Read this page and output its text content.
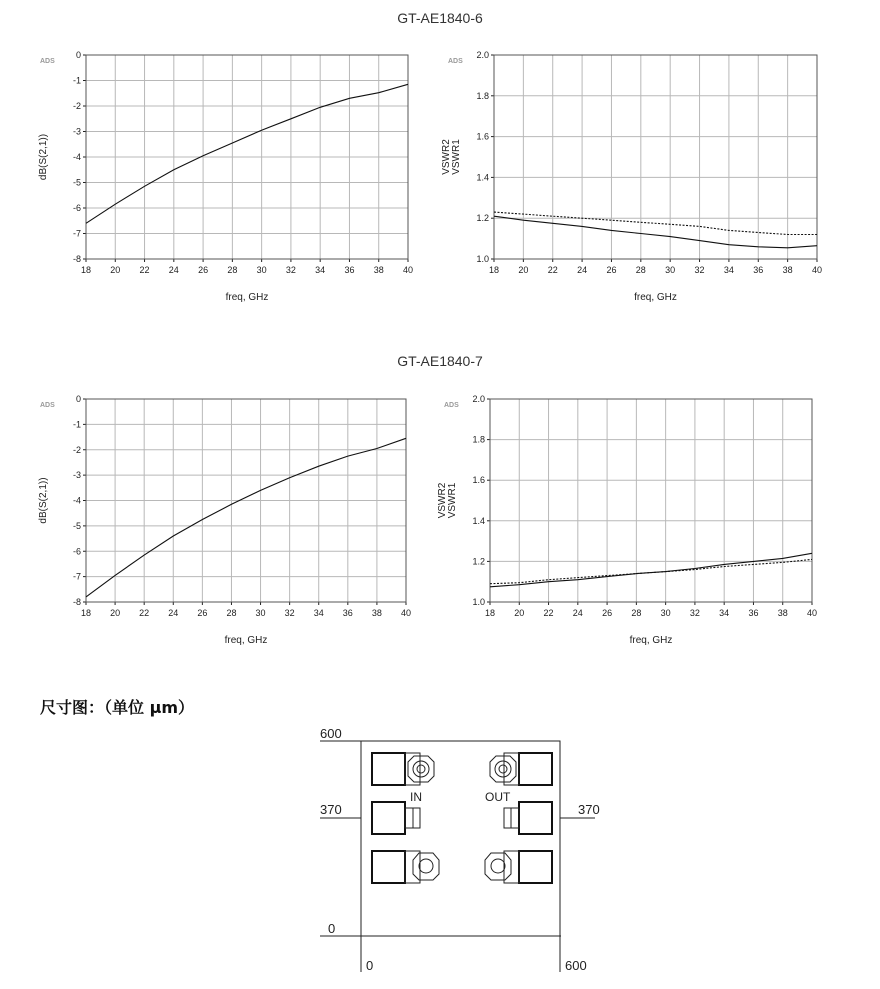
GT-AE1840-6
GT-AE1840-7
18 20 22 24 26 28 30 32 34 36 38 40
0
-1
-2
-3
-4
-5
-6
-7
-8
ADS
freq, GHz
dB(S(2,1))
18 20 22 24 26 28 30 32 34 36 38 40
1.0
1.2
1.4
1.6
1.8
2.0
ADS
freq, GHz
VSWR2 VSWR1
18 20 22 24 26 28 30 32 34 36 38 40
0
-1
-2
-3
-4
-5
-6
-7
-8
ADS
freq, GHz
dB(S(2,1))
18 20 22 24 26 28 30 32 34 36 38 40
1.0
1.2
1.4
1.6
1.8
2.0
ADS
freq, GHz
VSWR2 VSWR1
尺寸图：（单位 μm）
600
370	370
0
0	600
IN	OUT
